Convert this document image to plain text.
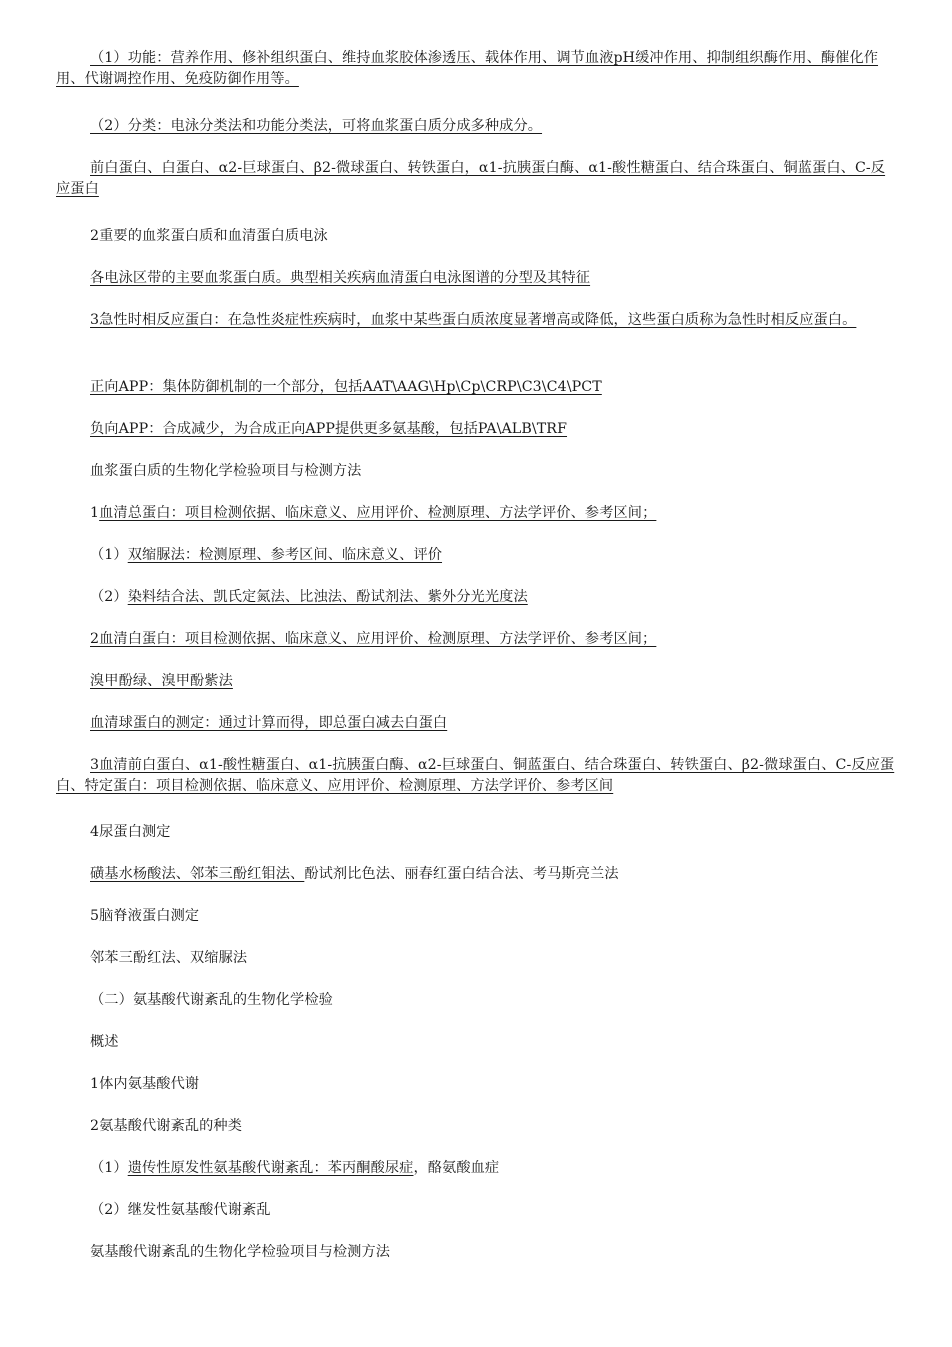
（1）功能：营养作用、修补组织蛋白、维持血浆胶体渗透压、载体作用、调节血液pH缓冲作用、抑制组织酶作用、酶催化作用、代谢调控作用、免疫防御作用等。

（2）分类：电泳分类法和功能分类法，可将血浆蛋白质分成多种成分。

前白蛋白、白蛋白、α2-巨球蛋白、β2-微球蛋白、转铁蛋白，α1-抗胰蛋白酶、α1-酸性糖蛋白、结合珠蛋白、铜蓝蛋白、C-反应蛋白

2重要的血浆蛋白质和血清蛋白质电泳

各电泳区带的主要血浆蛋白质。典型相关疾病血清蛋白电泳图谱的分型及其特征

3急性时相反应蛋白：在急性炎症性疾病时，血浆中某些蛋白质浓度显著增高或降低，这些蛋白质称为急性时相反应蛋白。

正向APP：集体防御机制的一个部分，包括AAT\AAG\Hp\Cp\CRP\C3\C4\PCT

负向APP：合成减少，为合成正向APP提供更多氨基酸，包括PA\ALB\TRF

血浆蛋白质的生物化学检验项目与检测方法

1血清总蛋白：项目检测依据、临床意义、应用评价、检测原理、方法学评价、参考区间；

（1）双缩脲法：检测原理、参考区间、临床意义、评价

（2）染料结合法、凯氏定氮法、比浊法、酚试剂法、紫外分光光度法

2血清白蛋白：项目检测依据、临床意义、应用评价、检测原理、方法学评价、参考区间；

溴甲酚绿、溴甲酚紫法

血清球蛋白的测定：通过计算而得，即总蛋白减去白蛋白

3血清前白蛋白、α1-酸性糖蛋白、α1-抗胰蛋白酶、α2-巨球蛋白、铜蓝蛋白、结合珠蛋白、转铁蛋白、β2-微球蛋白、C-反应蛋白、特定蛋白：项目检测依据、临床意义、应用评价、检测原理、方法学评价、参考区间

4尿蛋白测定

磺基水杨酸法、邻苯三酚红钼法、酚试剂比色法、丽春红蛋白结合法、考马斯亮兰法

5脑脊液蛋白测定

邻苯三酚红法、双缩脲法

（二）氨基酸代谢紊乱的生物化学检验

概述

1体内氨基酸代谢

2氨基酸代谢紊乱的种类

（1）遗传性原发性氨基酸代谢紊乱：苯丙酮酸尿症，酪氨酸血症

（2）继发性氨基酸代谢紊乱

氨基酸代谢紊乱的生物化学检验项目与检测方法
